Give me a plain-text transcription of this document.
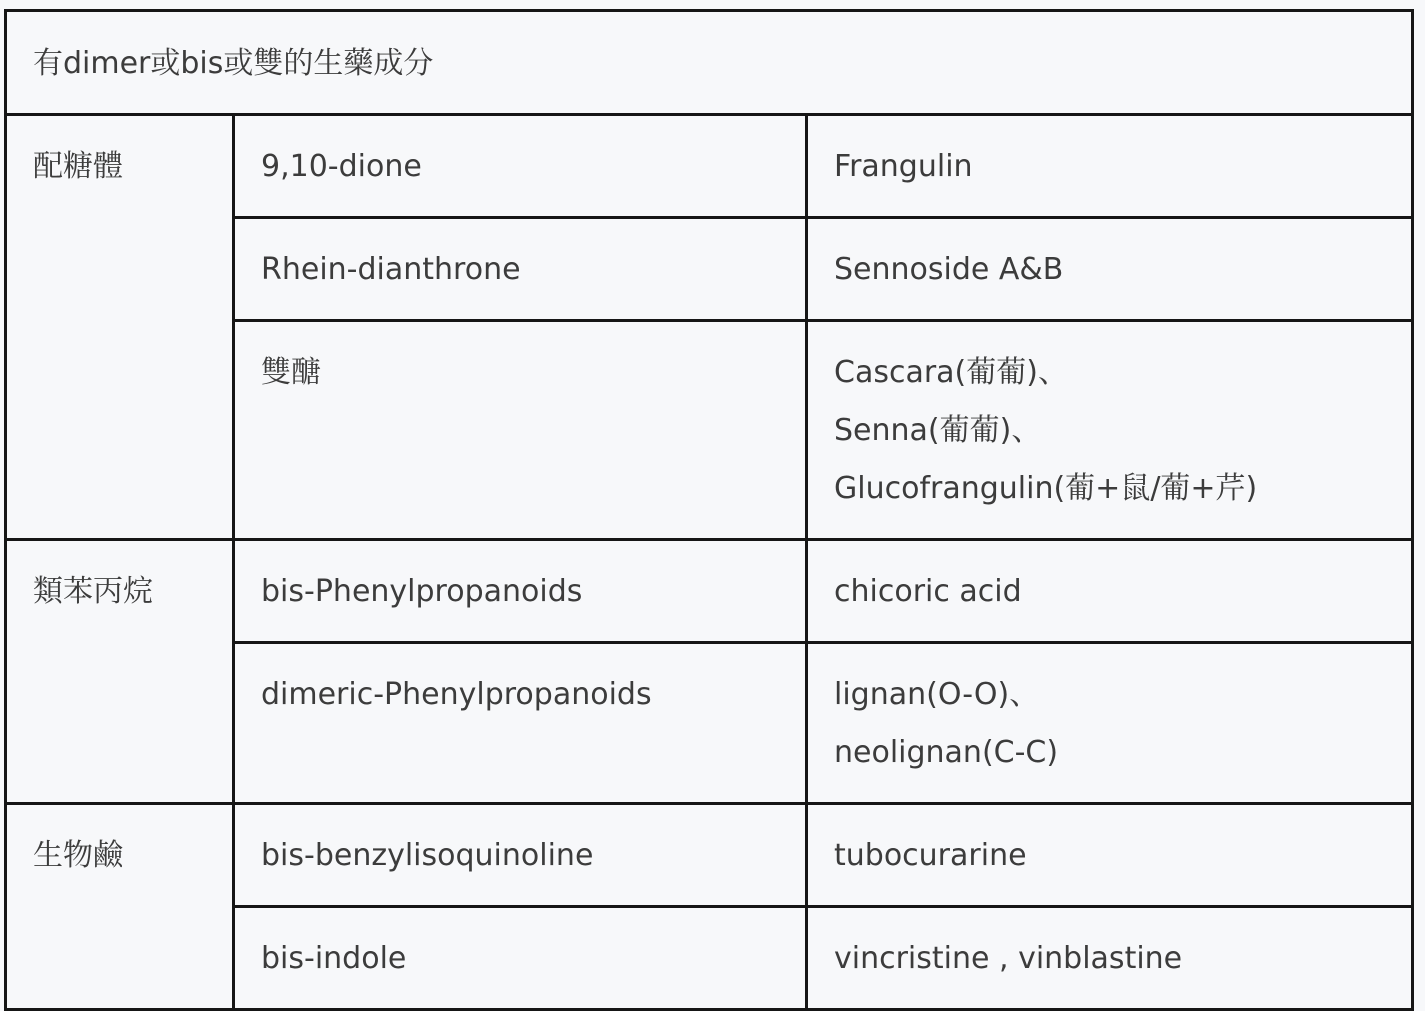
有dimer或bis或雙的生藥成分		
配糖體	9,10-dione	Frangulin

	Rhein-dianthrone	Sennoside A&B

	雙醣	Cascara(葡葡)、
Senna(葡葡)、
Glucofrangulin(葡+鼠/葡+芹)

類苯丙烷	bis-Phenylpropanoids	chicoric acid

	dimeric-Phenylpropanoids	lignan(O-O)、
neolignan(C-C)

生物鹼	bis-benzylisoquinoline	tubocurarine

	bis-indole	vincristine , vinblastine
